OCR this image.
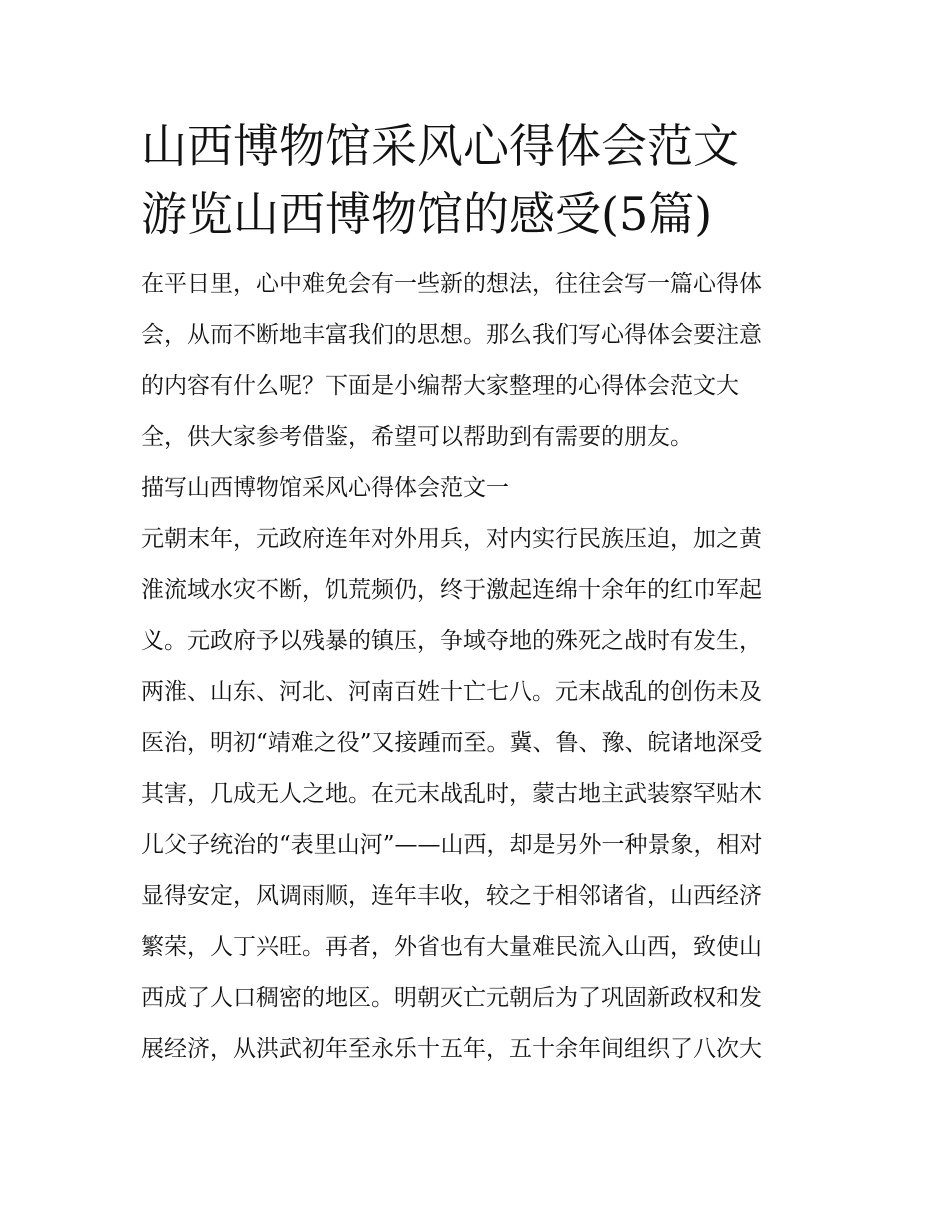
山西博物馆采风心得体会范文
游览山西博物馆的感受(5篇)

在平日里，心中难免会有一些新的想法，往往会写一篇心得体
会，从而不断地丰富我们的思想。那么我们写心得体会要注意
的内容有什么呢？下面是小编帮大家整理的心得体会范文大
全，供大家参考借鉴，希望可以帮助到有需要的朋友。

描写山西博物馆采风心得体会范文一

元朝末年，元政府连年对外用兵，对内实行民族压迫，加之黄
淮流域水灾不断，饥荒频仍，终于激起连绵十余年的红巾军起
义。元政府予以残暴的镇压，争域夺地的殊死之战时有发生，
两淮、山东、河北、河南百姓十亡七八。元末战乱的创伤未及
医治，明初“靖难之役”又接踵而至。冀、鲁、豫、皖诸地深受
其害，几成无人之地。在元末战乱时，蒙古地主武装察罕贴木
儿父子统治的“表里山河”——山西，却是另外一种景象，相对
显得安定，风调雨顺，连年丰收，较之于相邻诸省，山西经济
繁荣，人丁兴旺。再者，外省也有大量难民流入山西，致使山
西成了人口稠密的地区。明朝灭亡元朝后为了巩固新政权和发
展经济，从洪武初年至永乐十五年，五十余年间组织了八次大
